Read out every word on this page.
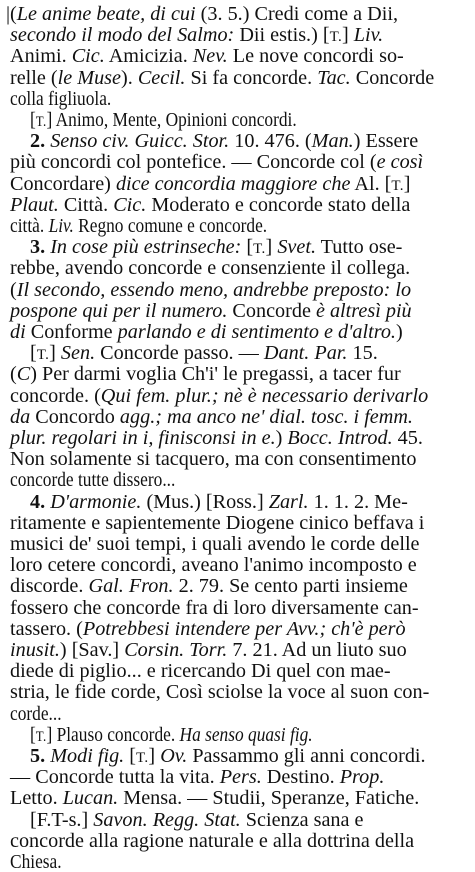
|(Le anime beate, di cui (3. 5.) Credi come a Dii,
secondo il modo del Salmo: Dii estis.) [T.] Liv.
Animi. Cic. Amicizia. Nev. Le nove concordi so-
relle (le Muse). Cecil. Si fa concorde. Tac. Concorde
colla figliuola.
[T.] Animo, Mente, Opinioni concordi.
2. Senso civ. Guicc. Stor. 10. 476. (Man.) Essere
più concordi col pontefice. — Concorde col (e così
Concordare) dice concordia maggiore che Al. [T.]
Plaut. Città. Cic. Moderato e concorde stato della
città. Liv. Regno comune e concorde.
3. In cose più estrinseche: [T.] Svet. Tutto ose-
rebbe, avendo concorde e consenziente il collega.
(Il secondo, essendo meno, andrebbe preposto: lo
pospone qui per il numero. Concorde è altresì più
di Conforme parlando e di sentimento e d'altro.)
[T.] Sen. Concorde passo. — Dant. Par. 15.
(C) Per darmi voglia Ch'i' le pregassi, a tacer fur
concorde. (Qui fem. plur.; nè è necessario derivarlo
da Concordo agg.; ma anco ne' dial. tosc. i femm.
plur. regolari in i, finisconsi in e.) Bocc. Introd. 45.
Non solamente si tacquero, ma con consentimento
concorde tutte dissero...
4. D'armonie. (Mus.) [Ross.] Zarl. 1. 1. 2. Me-
ritamente e sapientemente Diogene cinico beffava i
musici de' suoi tempi, i quali avendo le corde delle
loro cetere concordi, aveano l'animo incomposto e
discorde. Gal. Fron. 2. 79. Se cento parti insieme
fossero che concorde fra di loro diversamente can-
tassero. (Potrebbesi intendere per Avv.; ch'è però
inusit.) [Sav.] Corsin. Torr. 7. 21. Ad un liuto suo
diede di piglio... e ricercando Di quel con mae-
stria, le fide corde, Così sciolse la voce al suon con-
corde...
[T.] Plauso concorde. Ha senso quasi fig.
5. Modi fig. [T.] Ov. Passammo gli anni concordi.
— Concorde tutta la vita. Pers. Destino. Prop.
Letto. Lucan. Mensa. — Studii, Speranze, Fatiche.
[F.T-s.] Savon. Regg. Stat. Scienza sana e
concorde alla ragione naturale e alla dottrina della
Chiesa.
